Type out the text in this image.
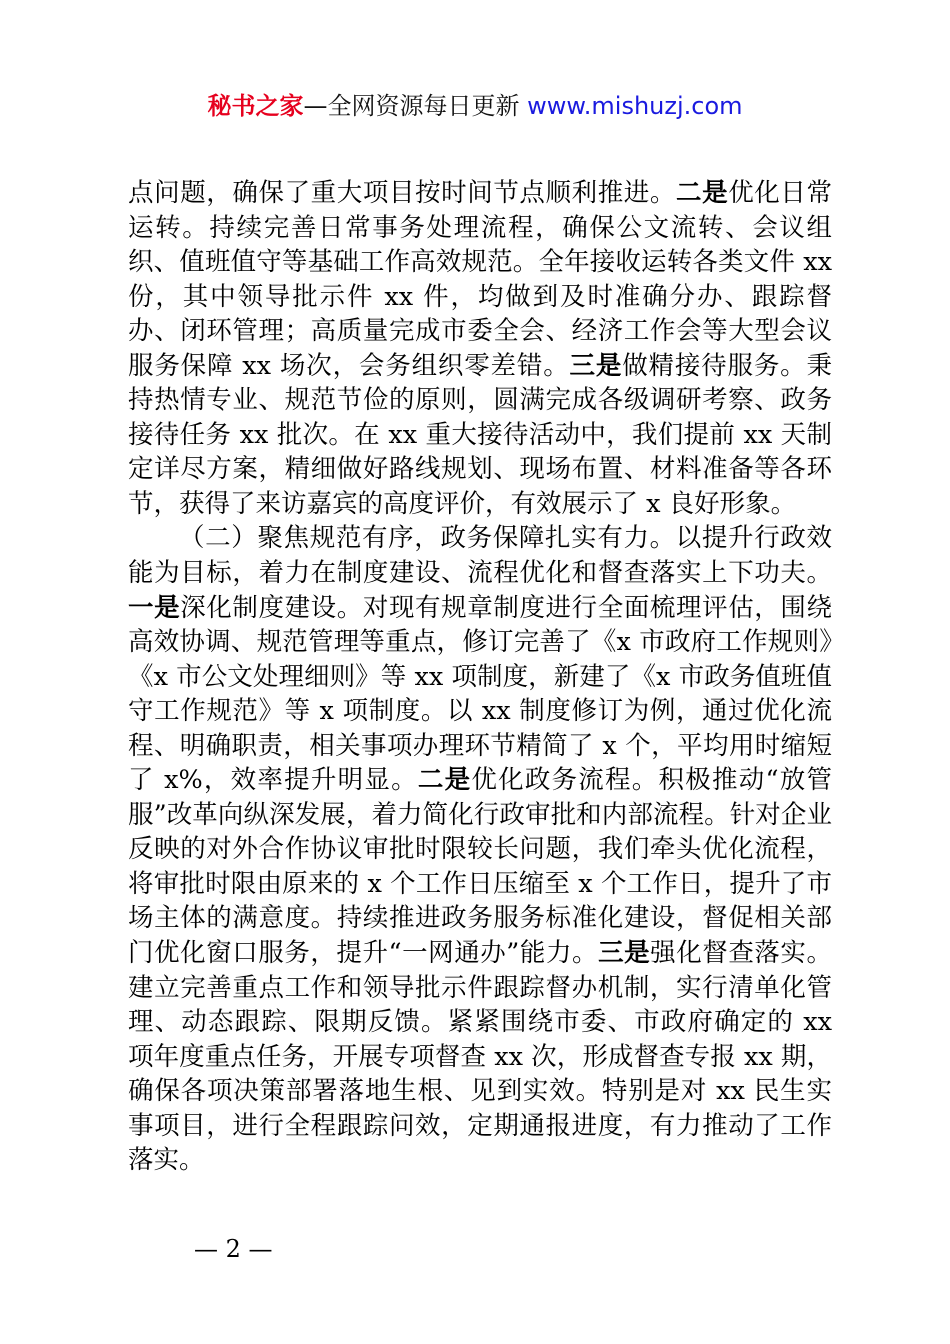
秘书之家—全网资源每日更新 www.mishuzj.com

点问题，确保了重大项目按时间节点顺利推进。二是优化日常运转。持续完善日常事务处理流程，确保公文流转、会议组织、值班值守等基础工作高效规范。全年接收运转各类文件 xx 份，其中领导批示件 xx 件，均做到及时准确分办、跟踪督办、闭环管理；高质量完成市委全会、经济工作会等大型会议服务保障 xx 场次，会务组织零差错。三是做精接待服务。秉持热情专业、规范节俭的原则，圆满完成各级调研考察、政务接待任务 xx 批次。在 xx 重大接待活动中，我们提前 xx 天制定详尽方案，精细做好路线规划、现场布置、材料准备等各环节，获得了来访嘉宾的高度评价，有效展示了 x 良好形象。

（二）聚焦规范有序，政务保障扎实有力。以提升行政效能为目标，着力在制度建设、流程优化和督查落实上下功夫。一是深化制度建设。对现有规章制度进行全面梳理评估，围绕高效协调、规范管理等重点，修订完善了《x 市政府工作规则》《x 市公文处理细则》等 xx 项制度，新建了《x 市政务值班值守工作规范》等 x 项制度。以 xx 制度修订为例，通过优化流程、明确职责，相关事项办理环节精简了 x 个，平均用时缩短了 x%，效率提升明显。二是优化政务流程。积极推动“放管服”改革向纵深发展，着力简化行政审批和内部流程。针对企业反映的对外合作协议审批时限较长问题，我们牵头优化流程，将审批时限由原来的 x 个工作日压缩至 x 个工作日，提升了市场主体的满意度。持续推进政务服务标准化建设，督促相关部门优化窗口服务，提升“一网通办”能力。三是强化督查落实。建立完善重点工作和领导批示件跟踪督办机制，实行清单化管理、动态跟踪、限期反馈。紧紧围绕市委、市政府确定的 xx 项年度重点任务，开展专项督查 xx 次，形成督查专报 xx 期，确保各项决策部署落地生根、见到实效。特别是对 xx 民生实事项目，进行全程跟踪问效，定期通报进度，有力推动了工作落实。

— 2 —
